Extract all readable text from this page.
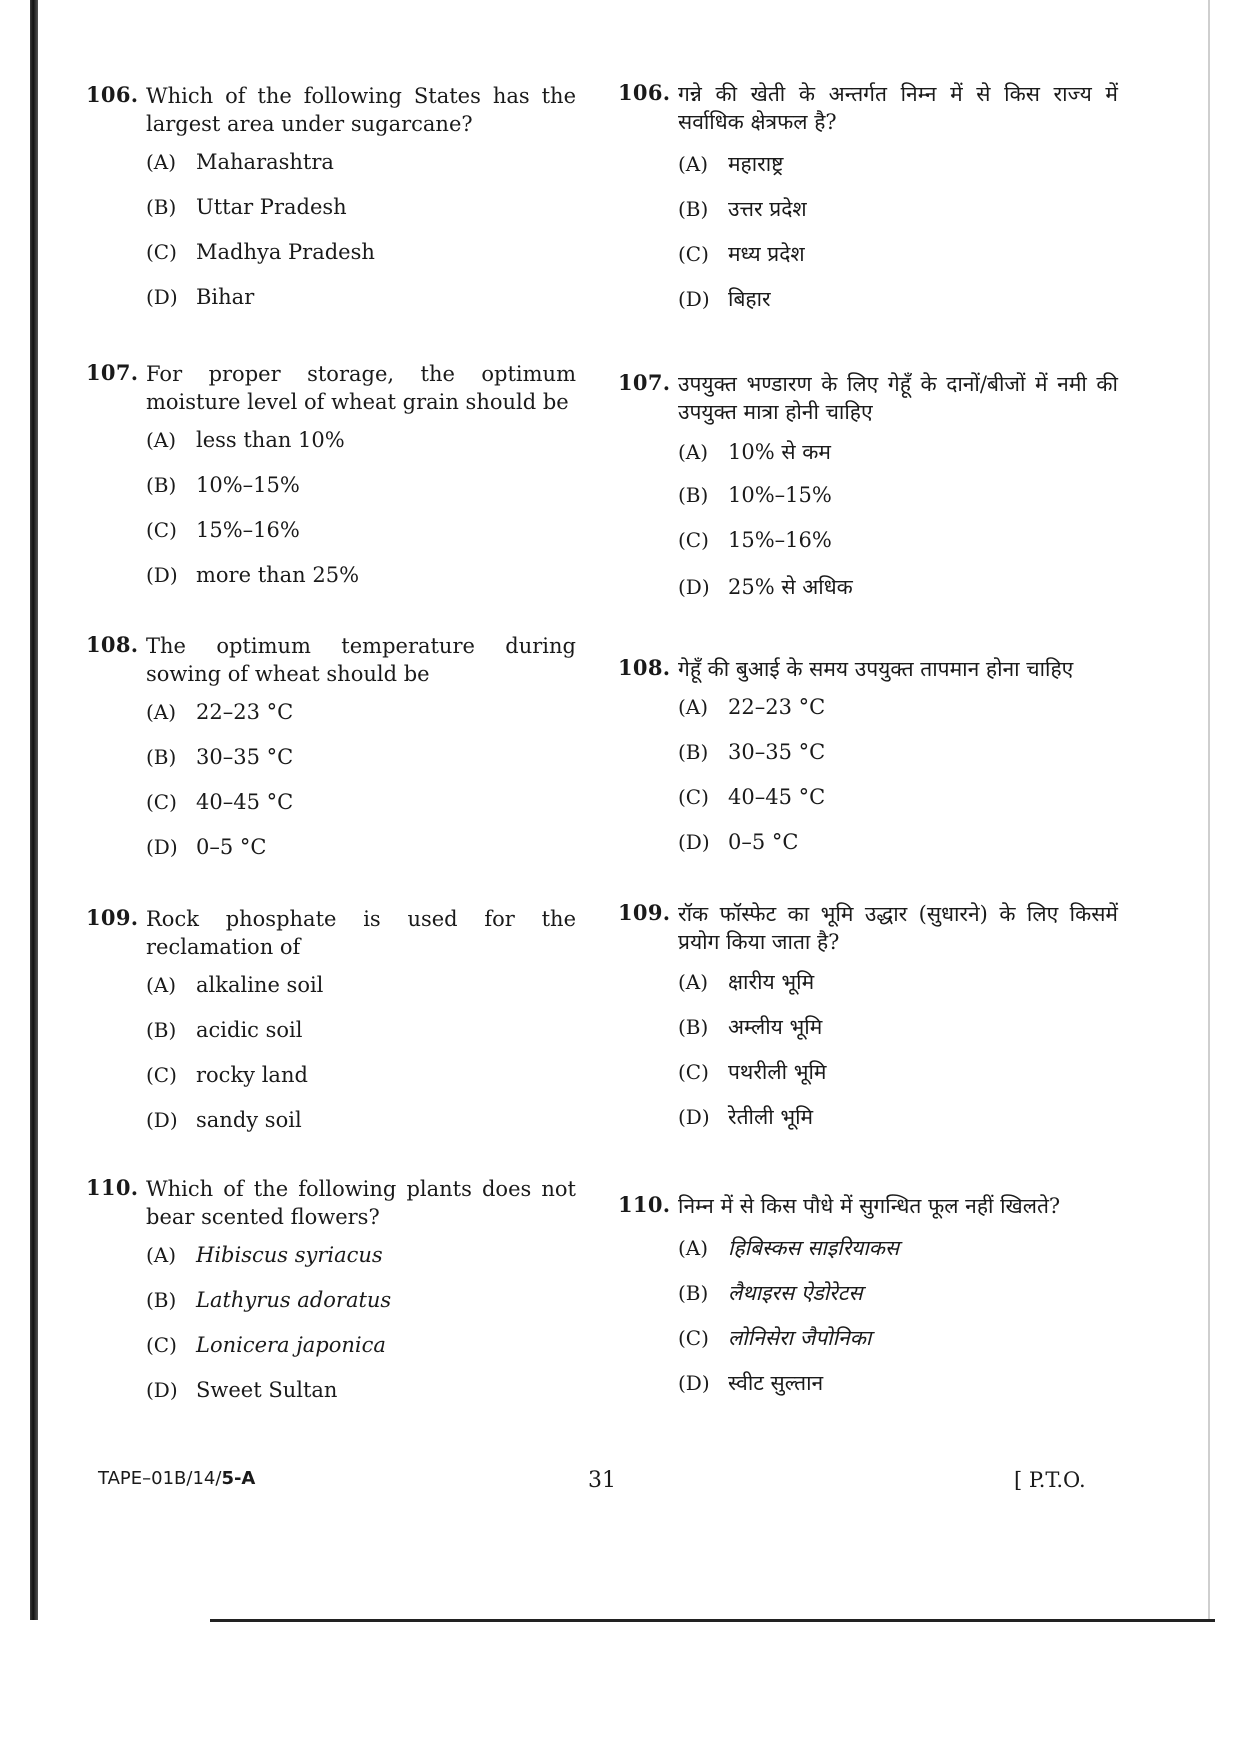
106. Which of the following States has the largest area under sugarcane?
(A) Maharashtra
(B) Uttar Pradesh
(C) Madhya Pradesh
(D) Bihar
107. For proper storage, the optimum moisture level of wheat grain should be
(A) less than 10%
(B) 10%–15%
(C) 15%–16%
(D) more than 25%
108. The optimum temperature during sowing of wheat should be
(A) 22–23 °C
(B) 30–35 °C
(C) 40–45 °C
(D) 0–5 °C
109. Rock phosphate is used for the reclamation of
(A) alkaline soil
(B) acidic soil
(C) rocky land
(D) sandy soil
110. Which of the following plants does not bear scented flowers?
(A) Hibiscus syriacus
(B) Lathyrus adoratus
(C) Lonicera japonica
(D) Sweet Sultan
106. गन्ने की खेती के अन्तर्गत निम्न में से किस राज्य में सर्वाधिक क्षेत्रफल है?
(A) महाराष्ट्र
(B) उत्तर प्रदेश
(C) मध्य प्रदेश
(D) बिहार
107. उपयुक्त भण्डारण के लिए गेहूँ के दानों/बीजों में नमी की उपयुक्त मात्रा होनी चाहिए
(A) 10% से कम
(B) 10%–15%
(C) 15%–16%
(D) 25% से अधिक
108. गेहूँ की बुआई के समय उपयुक्त तापमान होना चाहिए
(A) 22–23 °C
(B) 30–35 °C
(C) 40–45 °C
(D) 0–5 °C
109. रॉक फॉस्फेट का भूमि उद्धार (सुधारने) के लिए किसमें प्रयोग किया जाता है?
(A) क्षारीय भूमि
(B) अम्लीय भूमि
(C) पथरीली भूमि
(D) रेतीली भूमि
110. निम्न में से किस पौधे में सुगन्धित फूल नहीं खिलते?
(A) हिबिस्कस साइरियाकस
(B) लैथाइरस ऐडोरेटस
(C) लोनिसेरा जैपोनिका
(D) स्वीट सुल्तान
TAPE–01B/14/5-A	31	[ P.T.O.
